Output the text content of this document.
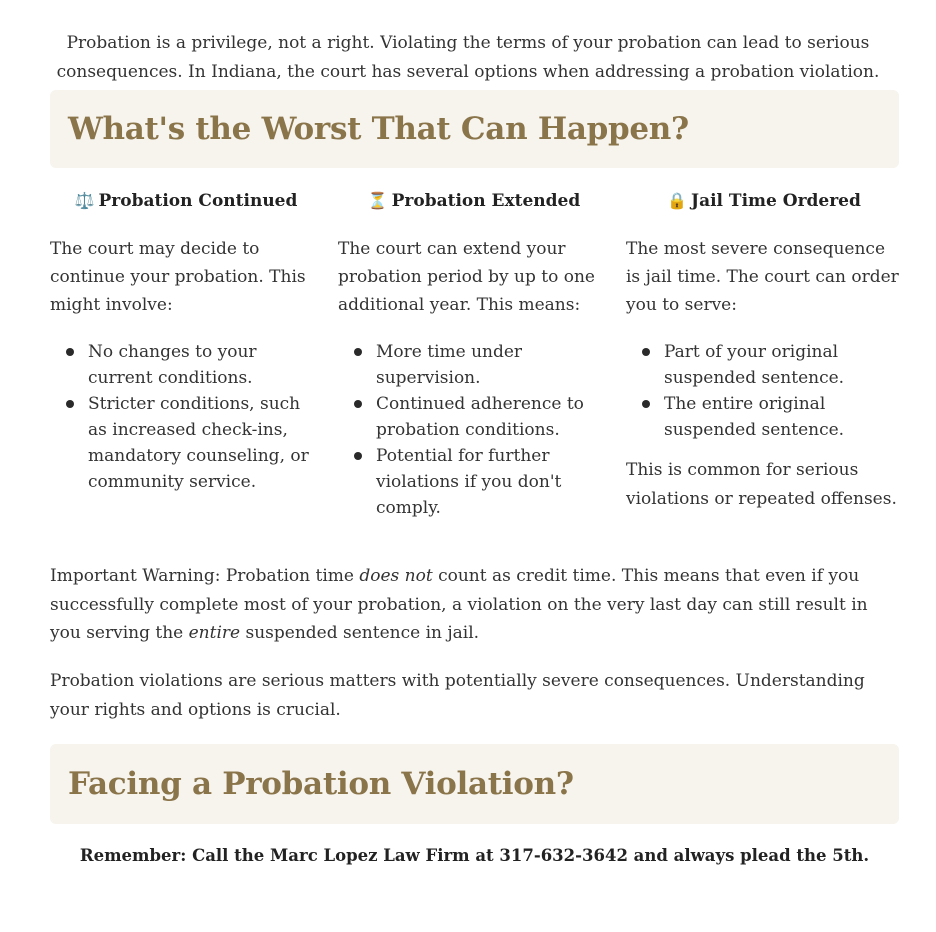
Probation is a privilege, not a right. Violating the terms of your probation can lead to serious consequences. In Indiana, the court has several options when addressing a probation violation.

What's the Worst That Can Happen?
⚖️ Probation Continued
The court may decide to continue your probation. This might involve:
No changes to your current conditions.
Stricter conditions, such as increased check-ins, mandatory counseling, or community service.
⏳ Probation Extended
The court can extend your probation period by up to one additional year. This means:
More time under supervision.
Continued adherence to probation conditions.
Potential for further violations if you don't comply.
🔒 Jail Time Ordered
The most severe consequence is jail time. The court can order you to serve:
Part of your original suspended sentence.
The entire original suspended sentence.
This is common for serious violations or repeated offenses.

Important Warning: Probation time does not count as credit time. This means that even if you successfully complete most of your probation, a violation on the very last day can still result in you serving the entire suspended sentence in jail.

Probation violations are serious matters with potentially severe consequences. Understanding your rights and options is crucial.

Facing a Probation Violation?

Remember: Call the Marc Lopez Law Firm at 317-632-3642 and always plead the 5th.
